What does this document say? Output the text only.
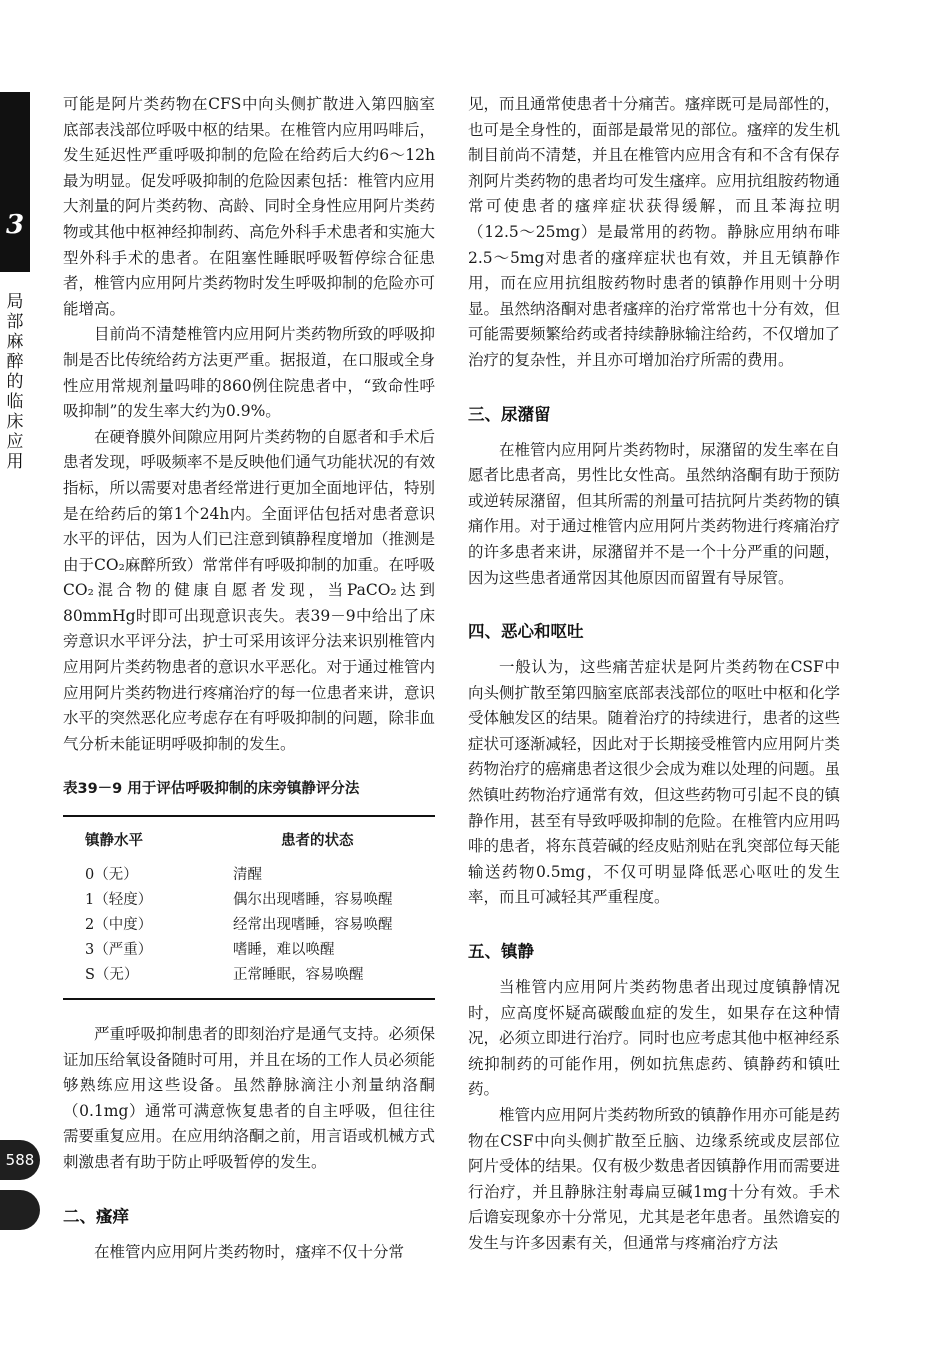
3
局部麻醉的临床应用
588

可能是阿片类药物在CFS中向头侧扩散进入第四脑室底部表浅部位呼吸中枢的结果。在椎管内应用吗啡后，发生延迟性严重呼吸抑制的危险在给药后大约6～12h最为明显。促发呼吸抑制的危险因素包括：椎管内应用大剂量的阿片类药物、高龄、同时全身性应用阿片类药物或其他中枢神经抑制药、高危外科手术患者和实施大型外科手术的患者。在阻塞性睡眠呼吸暂停综合征患者，椎管内应用阿片类药物时发生呼吸抑制的危险亦可能增高。

目前尚不清楚椎管内应用阿片类药物所致的呼吸抑制是否比传统给药方法更严重。据报道，在口服或全身性应用常规剂量吗啡的860例住院患者中，“致命性呼吸抑制”的发生率大约为0.9%。

在硬脊膜外间隙应用阿片类药物的自愿者和手术后患者发现，呼吸频率不是反映他们通气功能状况的有效指标，所以需要对患者经常进行更加全面地评估，特别是在给药后的第1个24h内。全面评估包括对患者意识水平的评估，因为人们已注意到镇静程度增加（推测是由于CO₂麻醉所致）常常伴有呼吸抑制的加重。在呼吸CO₂混合物的健康自愿者发现，当PaCO₂达到80mmHg时即可出现意识丧失。表39－9中给出了床旁意识水平评分法，护士可采用该评分法来识别椎管内应用阿片类药物患者的意识水平恶化。对于通过椎管内应用阿片类药物进行疼痛治疗的每一位患者来讲，意识水平的突然恶化应考虑存在有呼吸抑制的问题，除非血气分析未能证明呼吸抑制的发生。

表39－9 用于评估呼吸抑制的床旁镇静评分法
镇静水平	患者的状态
0（无）	清醒
1（轻度）	偶尔出现嗜睡，容易唤醒
2（中度）	经常出现嗜睡，容易唤醒
3（严重）	嗜睡，难以唤醒
S（无）	正常睡眠，容易唤醒

严重呼吸抑制患者的即刻治疗是通气支持。必须保证加压给氧设备随时可用，并且在场的工作人员必须能够熟练应用这些设备。虽然静脉滴注小剂量纳洛酮（0.1mg）通常可满意恢复患者的自主呼吸，但往往需要重复应用。在应用纳洛酮之前，用言语或机械方式刺激患者有助于防止呼吸暂停的发生。

二、瘙痒

在椎管内应用阿片类药物时，瘙痒不仅十分常

见，而且通常使患者十分痛苦。瘙痒既可是局部性的，也可是全身性的，面部是最常见的部位。瘙痒的发生机制目前尚不清楚，并且在椎管内应用含有和不含有保存剂阿片类药物的患者均可发生瘙痒。应用抗组胺药物通常可使患者的瘙痒症状获得缓解，而且苯海拉明（12.5～25mg）是最常用的药物。静脉应用纳布啡2.5～5mg对患者的瘙痒症状也有效，并且无镇静作用，而在应用抗组胺药物时患者的镇静作用则十分明显。虽然纳洛酮对患者瘙痒的治疗常常也十分有效，但可能需要频繁给药或者持续静脉输注给药，不仅增加了治疗的复杂性，并且亦可增加治疗所需的费用。

三、尿潴留

在椎管内应用阿片类药物时，尿潴留的发生率在自愿者比患者高，男性比女性高。虽然纳洛酮有助于预防或逆转尿潴留，但其所需的剂量可拮抗阿片类药物的镇痛作用。对于通过椎管内应用阿片类药物进行疼痛治疗的许多患者来讲，尿潴留并不是一个十分严重的问题，因为这些患者通常因其他原因而留置有导尿管。

四、恶心和呕吐

一般认为，这些痛苦症状是阿片类药物在CSF中向头侧扩散至第四脑室底部表浅部位的呕吐中枢和化学受体触发区的结果。随着治疗的持续进行，患者的这些症状可逐渐减轻，因此对于长期接受椎管内应用阿片类药物治疗的癌痛患者这很少会成为难以处理的问题。虽然镇吐药物治疗通常有效，但这些药物可引起不良的镇静作用，甚至有导致呼吸抑制的危险。在椎管内应用吗啡的患者，将东莨菪碱的经皮贴剂贴在乳突部位每天能输送药物0.5mg，不仅可明显降低恶心呕吐的发生率，而且可减轻其严重程度。

五、镇静

当椎管内应用阿片类药物患者出现过度镇静情况时，应高度怀疑高碳酸血症的发生，如果存在这种情况，必须立即进行治疗。同时也应考虑其他中枢神经系统抑制药的可能作用，例如抗焦虑药、镇静药和镇吐药。

椎管内应用阿片类药物所致的镇静作用亦可能是药物在CSF中向头侧扩散至丘脑、边缘系统或皮层部位阿片受体的结果。仅有极少数患者因镇静作用而需要进行治疗，并且静脉注射毒扁豆碱1mg十分有效。手术后谵妄现象亦十分常见，尤其是老年患者。虽然谵妄的发生与许多因素有关，但通常与疼痛治疗方法
